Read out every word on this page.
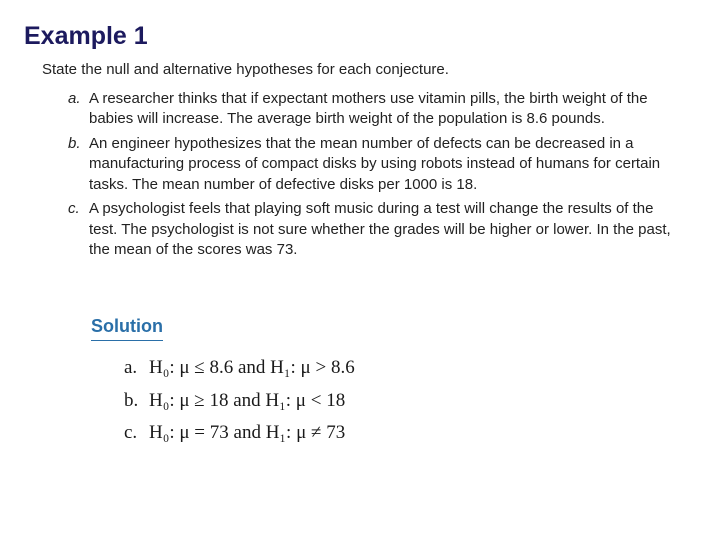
Example 1
State the null and alternative hypotheses for each conjecture.
a. A researcher thinks that if expectant mothers use vitamin pills, the birth weight of the babies will increase. The average birth weight of the population is 8.6 pounds.
b. An engineer hypothesizes that the mean number of defects can be decreased in a manufacturing process of compact disks by using robots instead of humans for certain tasks. The mean number of defective disks per 1000 is 18.
c. A psychologist feels that playing soft music during a test will change the results of the test. The psychologist is not sure whether the grades will be higher or lower. In the past, the mean of the scores was 73.
Solution
a. H₀: μ ≤ 8.6 and H₁: μ > 8.6
b. H₀: μ ≥ 18 and H₁: μ < 18
c. H₀: μ = 73 and H₁: μ ≠ 73
